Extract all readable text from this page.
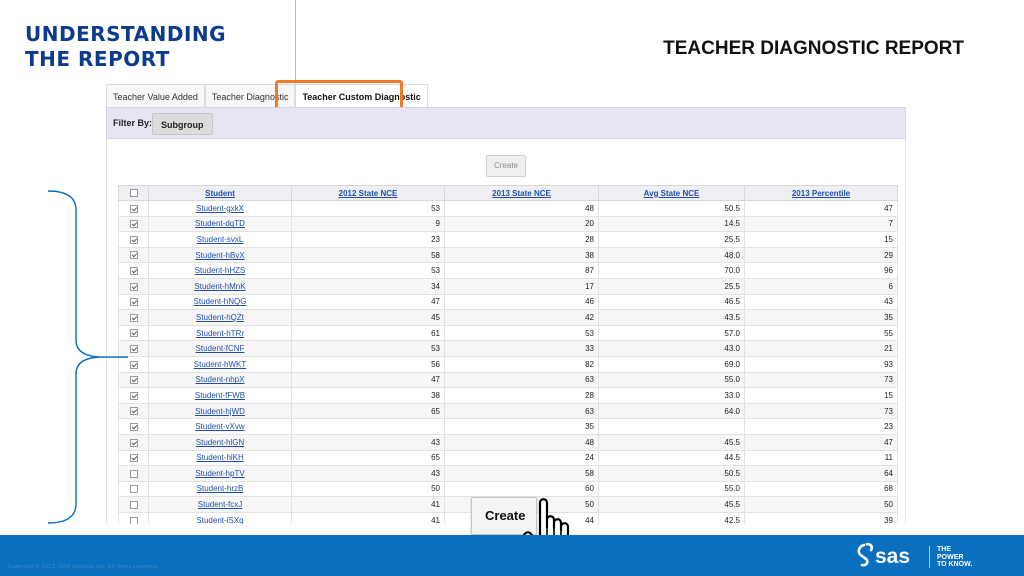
UNDERSTANDING
THE REPORT	TEACHER DIAGNOSTIC REPORT
Teacher Value Added	Teacher Diagnostic	Teacher Custom Diagnostic
Filter By: Subgroup
Create
	Student	2012 State NCE	2013 State NCE	Avg State NCE	2013 Percentile
	Student-gxkX	53	48	50.5	47
	Student-dqTD	9	20	14.5	7
	Student-svxL	23	28	25.5	15
	Student-hBvX	58	38	48.0	29
	Student-hHZS	53	87	70.0	96
	Student-hMnK	34	17	25.5	6
	Student-hNQG	47	46	46.5	43
	Student-hQZt	45	42	43.5	35
	Student-hTRr	61	53	57.0	55
	Student-fCNF	53	33	43.0	21
	Student-hWKT	56	82	69.0	93
	Student-nhpX	47	63	55.0	73
	Student-fFWB	38	28	33.0	15
	Student-hjWD	65	63	64.0	73
	Student-vXvw		35		23
	Student-hlGN	43	48	45.5	47
	Student-hlKH	65	24	44.5	11
	Student-hpTV	43	58	50.5	64
	Student-hrzB	50	60	55.0	68
	Student-fcxJ	41	50	45.5	50
	Student-iSXq	41	44	42.5	39
Create
Copyright © 2013, SAS Institute Inc. All rights reserved.	sas	THE
POWER
TO KNOW.
